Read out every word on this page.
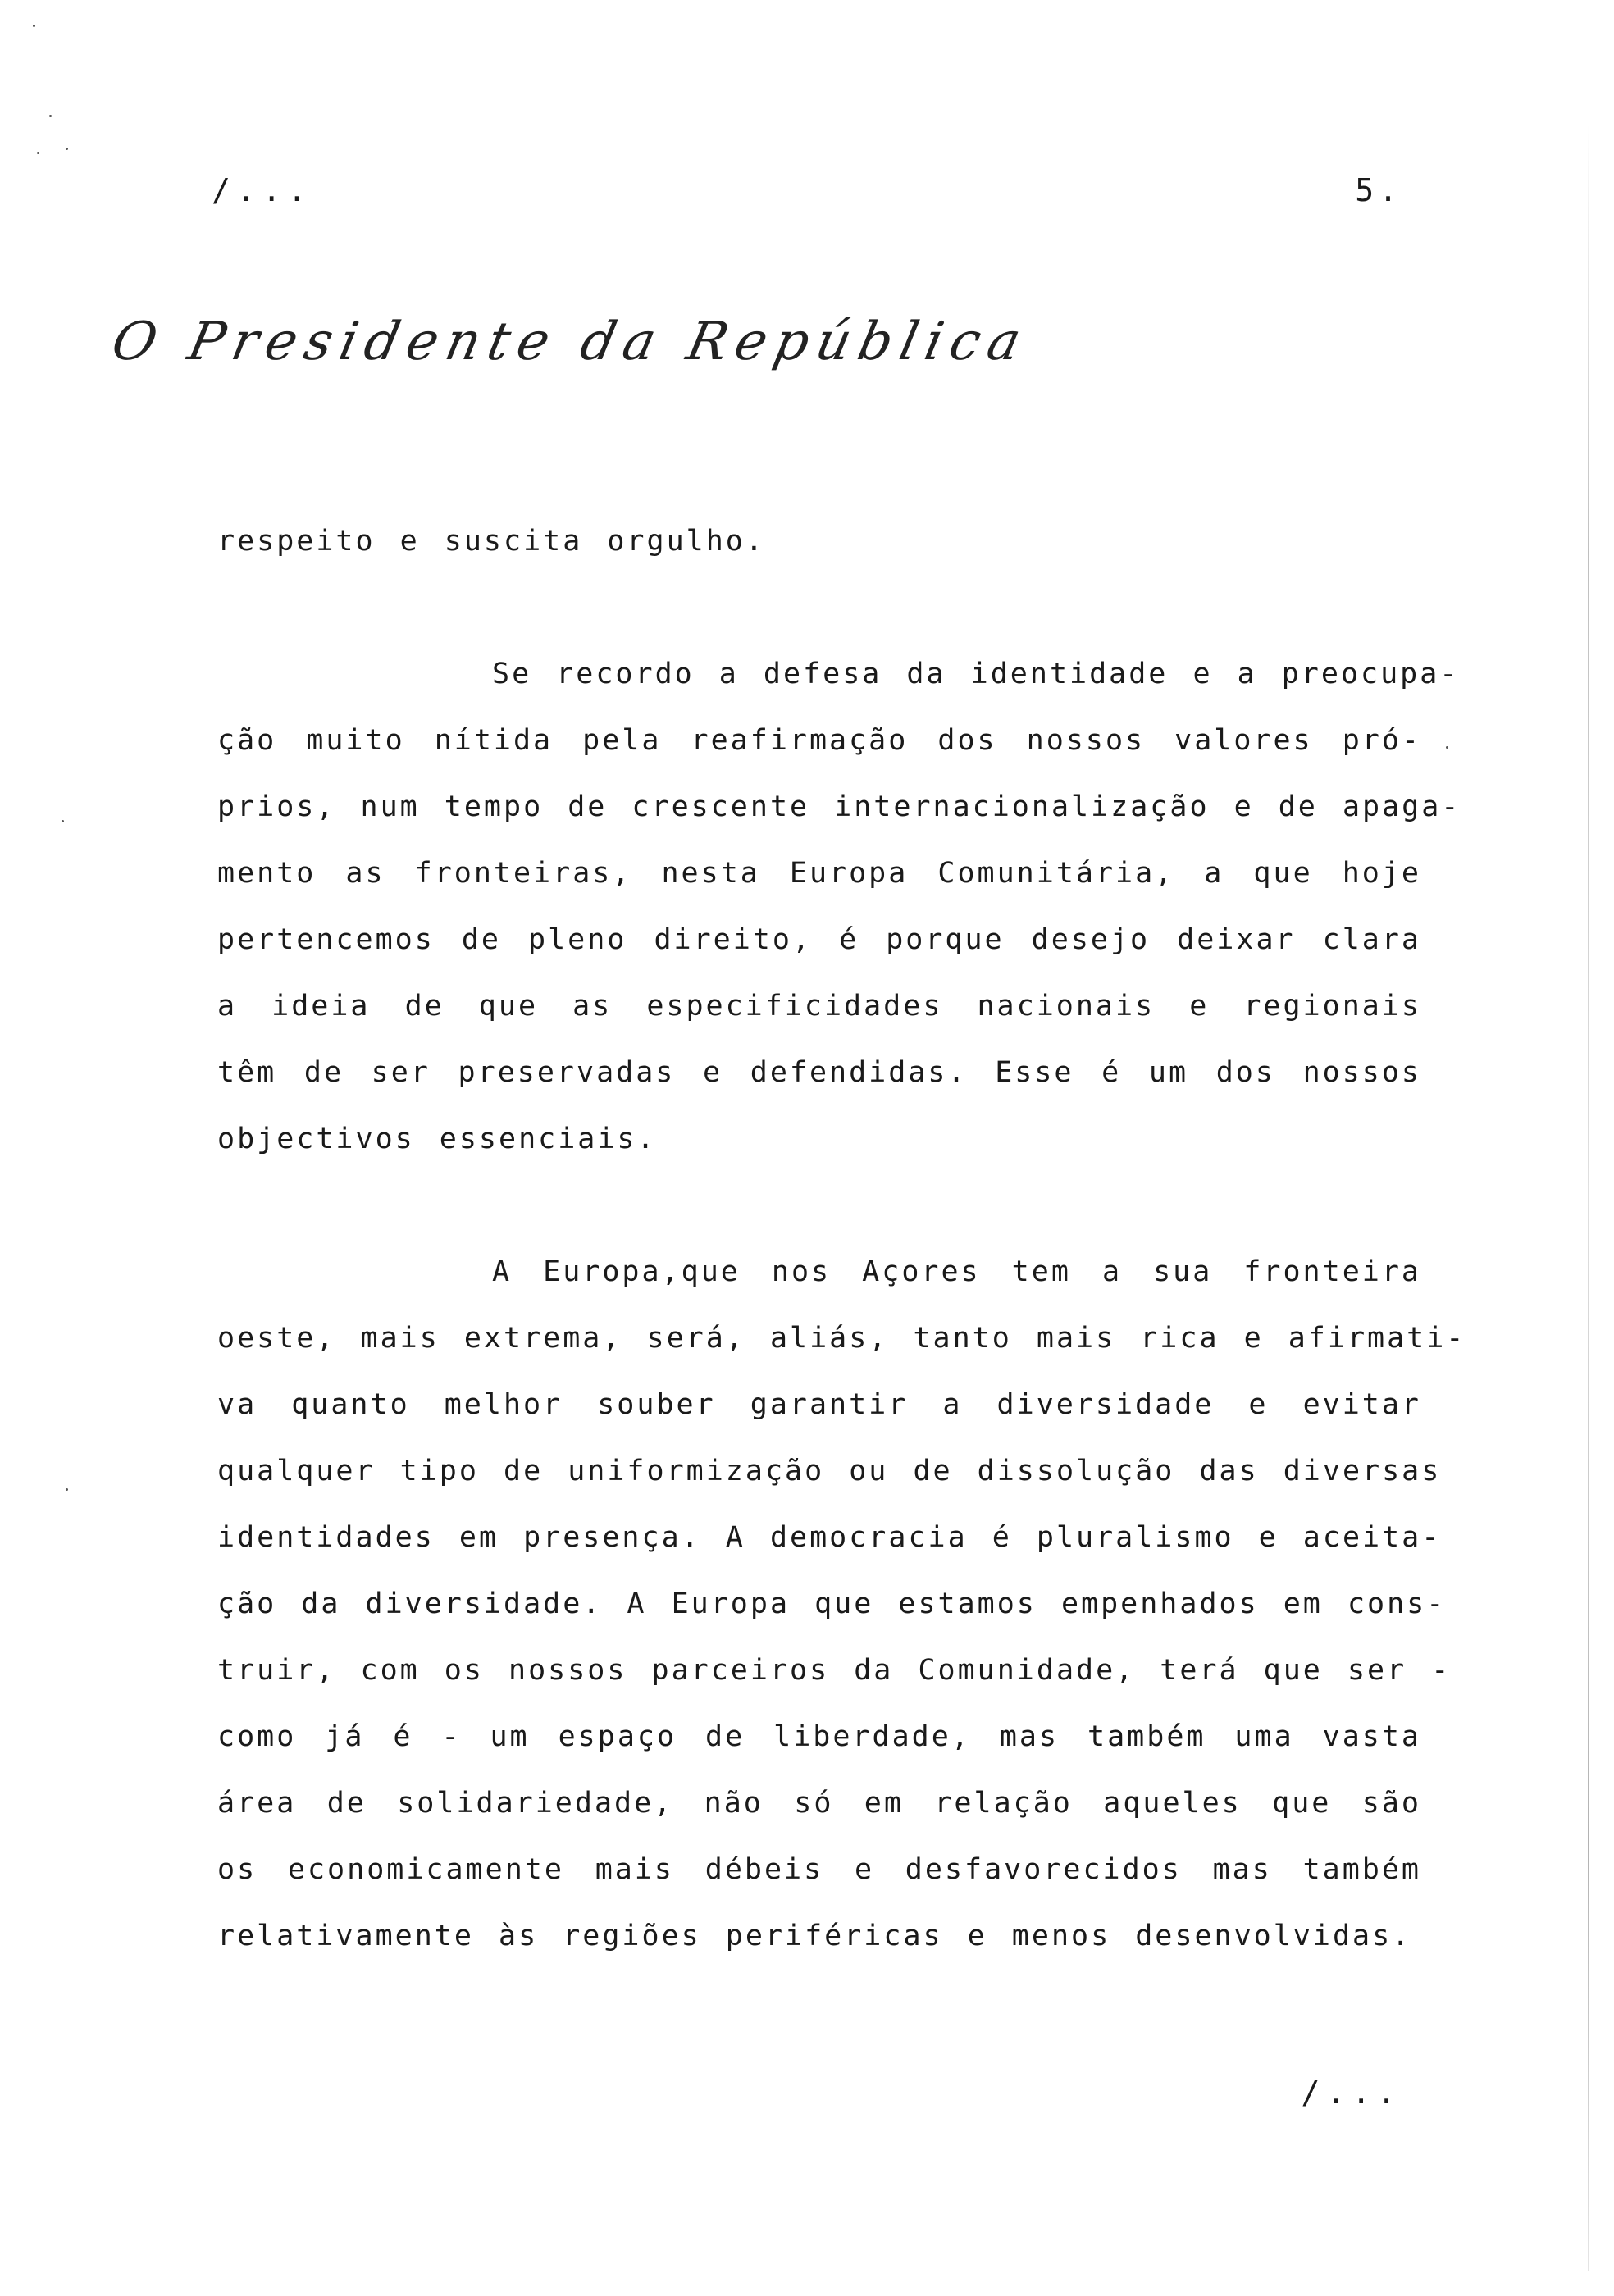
/...	5.
O Presidente da República
respeito e suscita orgulho.
Se recordo a defesa da identidade e a preocupa-
ção muito nítida pela reafirmação dos nossos valores pró-
prios, num tempo de crescente internacionalização e de apaga-
mento as fronteiras, nesta Europa Comunitária, a que hoje
pertencemos de pleno direito, é porque desejo deixar clara
a ideia de que as especificidades nacionais e regionais
têm de ser preservadas e defendidas. Esse é um dos nossos
objectivos essenciais.
A Europa,que nos Açores tem a sua fronteira
oeste, mais extrema, será, aliás, tanto mais rica e afirmati-
va quanto melhor souber garantir a diversidade e evitar
qualquer tipo de uniformização ou de dissolução das diversas
identidades em presença. A democracia é pluralismo e aceita-
ção da diversidade. A Europa que estamos empenhados em cons-
truir, com os nossos parceiros da Comunidade, terá que ser -
como já é - um espaço de liberdade, mas também uma vasta
área de solidariedade, não só em relação aqueles que são
os economicamente mais débeis e desfavorecidos mas também
relativamente às regiões periféricas e menos desenvolvidas.
/...
